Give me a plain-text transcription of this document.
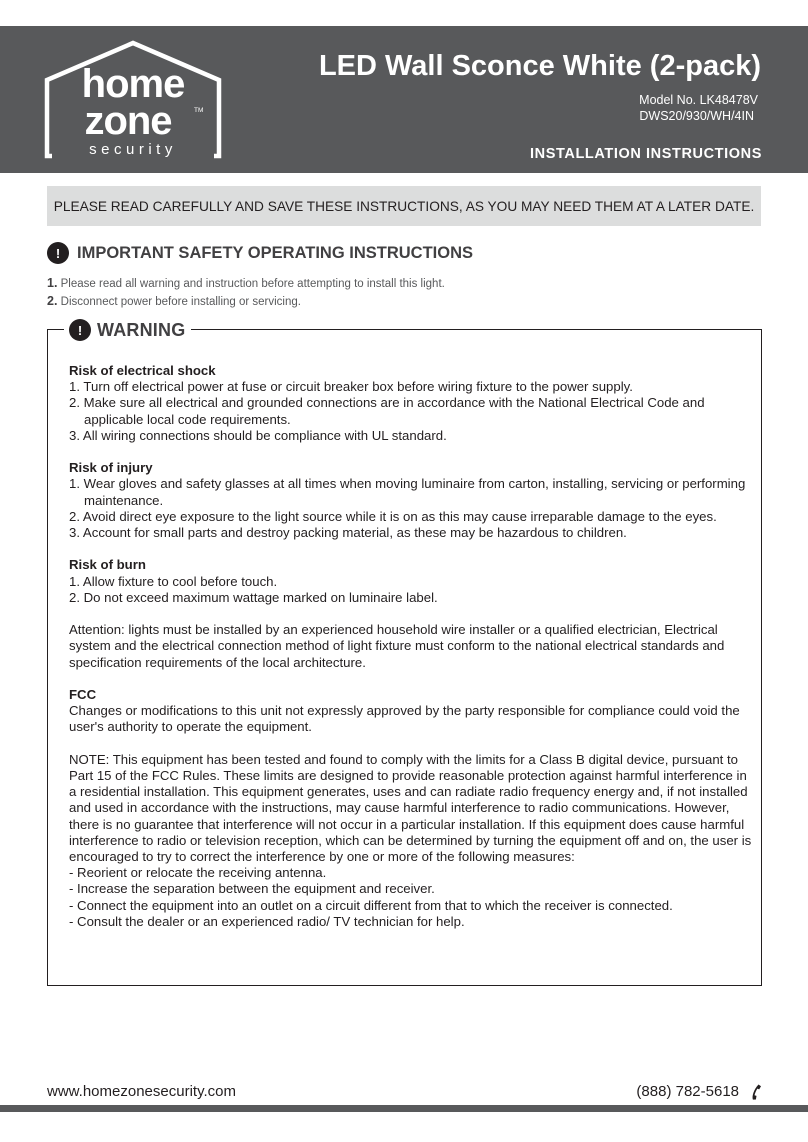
home
zone	TM
security
LED Wall Sconce White (2-pack)
Model No. LK48478V
DWS20/930/WH/4IN
INSTALLATION INSTRUCTIONS
PLEASE READ CAREFULLY AND SAVE THESE INSTRUCTIONS, AS YOU MAY NEED THEM AT A LATER DATE.
!	IMPORTANT SAFETY OPERATING INSTRUCTIONS
1. Please read all warning and instruction before attempting to install this light.
2. Disconnect power before installing or servicing.
! WARNING
Risk of electrical shock
1. Turn off electrical power at fuse or circuit breaker box before wiring fixture to the power supply.
2. Make sure all electrical and grounded connections are in accordance with the National Electrical Code and applicable local code requirements.
3. All wiring connections should be compliance with UL standard.
Risk of injury
1. Wear gloves and safety glasses at all times when moving luminaire from carton, installing, servicing or performing maintenance.
2. Avoid direct eye exposure to the light source while it is on as this may cause irreparable damage to the eyes.
3. Account for small parts and destroy packing material, as these may be hazardous to children.
Risk of burn
1. Allow fixture to cool before touch.
2. Do not exceed maximum wattage marked on luminaire label.
Attention: lights must be installed by an experienced household wire installer or a qualified electrician, Electrical system and the electrical connection method of light fixture must conform to the national electrical standards and specification requirements of the local architecture.
FCC
Changes or modifications to this unit not expressly approved by the party responsible for compliance could void the user's authority to operate the equipment.
NOTE: This equipment has been tested and found to comply with the limits for a Class B digital device, pursuant to Part 15 of the FCC Rules. These limits are designed to provide reasonable protection against harmful interference in a residential installation. This equipment generates, uses and can radiate radio frequency energy and, if not installed and used in accordance with the instructions, may cause harmful interference to radio communications. However, there is no guarantee that interference will not occur in a particular installation. If this equipment does cause harmful interference to radio or television reception, which can be determined by turning the equipment off and on, the user is encouraged to try to correct the interference by one or more of the following measures:
- Reorient or relocate the receiving antenna.
- Increase the separation between the equipment and receiver.
- Connect the equipment into an outlet on a circuit different from that to which the receiver is connected.
- Consult the dealer or an experienced radio/ TV technician for help.
www.homezonesecurity.com	(888) 782-5618
